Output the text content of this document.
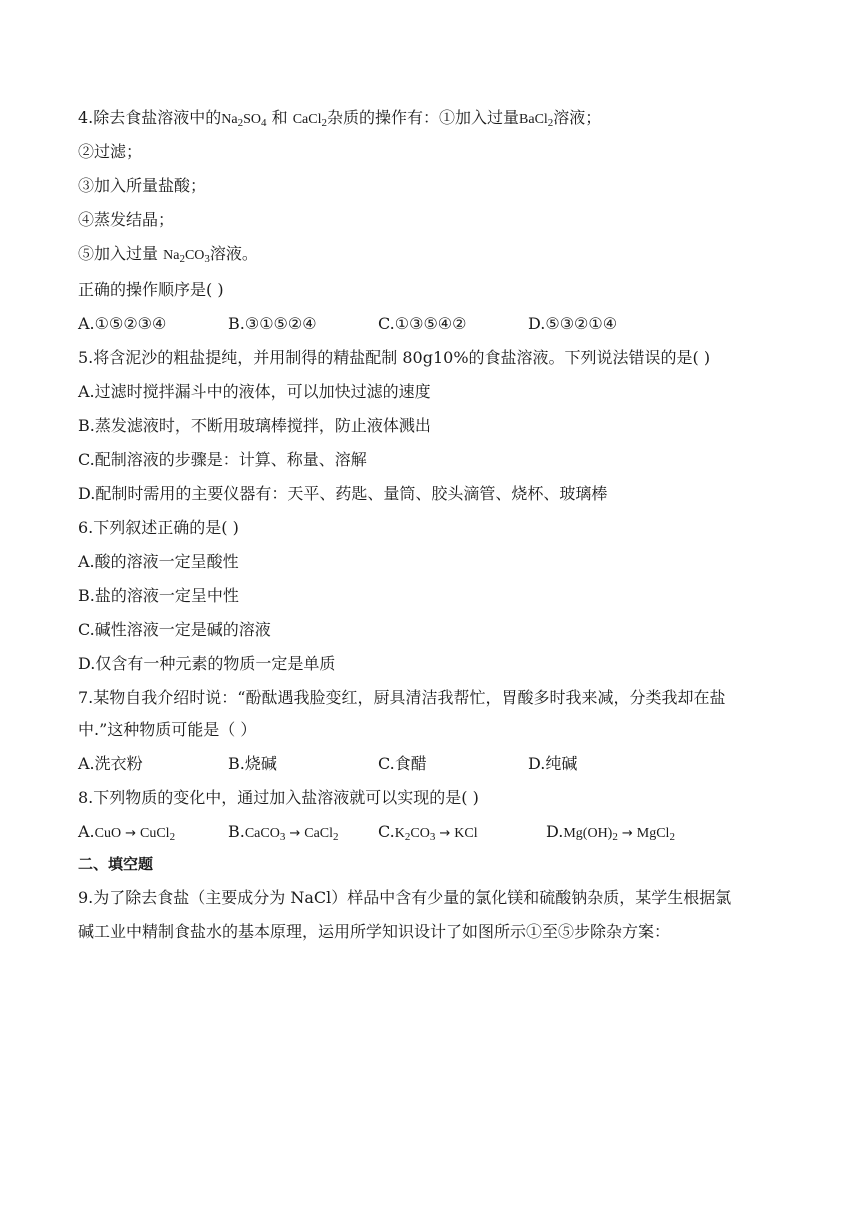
4.除去食盐溶液中的$Na_2SO_4$ 和 CaCl$_2$杂质的操作有：①加入过量BaCl$_2$溶液；
②过滤；
③加入所量盐酸；
④蒸发结晶；
⑤加入过量 $Na_2CO_3$溶液。
正确的操作顺序是( )
A.①⑤②③④	B.③①⑤②④	C.①③⑤④②	D.⑤③②①④
5.将含泥沙的粗盐提纯，并用制得的精盐配制 80g10%的食盐溶液。下列说法错误的是( )
A.过滤时搅拌漏斗中的液体，可以加快过滤的速度
B.蒸发滤液时，不断用玻璃棒搅拌，防止液体溅出
C.配制溶液的步骤是：计算、称量、溶解
D.配制时需用的主要仪器有：天平、药匙、量筒、胶头滴管、烧杯、玻璃棒
6.下列叙述正确的是( )
A.酸的溶液一定呈酸性
B.盐的溶液一定呈中性
C.碱性溶液一定是碱的溶液
D.仅含有一种元素的物质一定是单质
7.某物自我介绍时说：“酚酞遇我脸变红，厨具清洁我帮忙，胃酸多时我来减，分类我却在盐
中.”这种物质可能是（ ）
A.洗衣粉	B.烧碱	C.食醋	D.纯碱
8.下列物质的变化中，通过加入盐溶液就可以实现的是( )
A.CuO → CuCl$_2$	B.CaCO$_3$ → CaCl$_2$	$C.K_2CO_3$ → KCl	$D.Mg(OH)_2$ → MgCl$_2$
二、填空题
9.为了除去食盐（主要成分为 NaCl）样品中含有少量的氯化镁和硫酸钠杂质，某学生根据氯
碱工业中精制食盐水的基本原理，运用所学知识设计了如图所示①至⑤步除杂方案：
